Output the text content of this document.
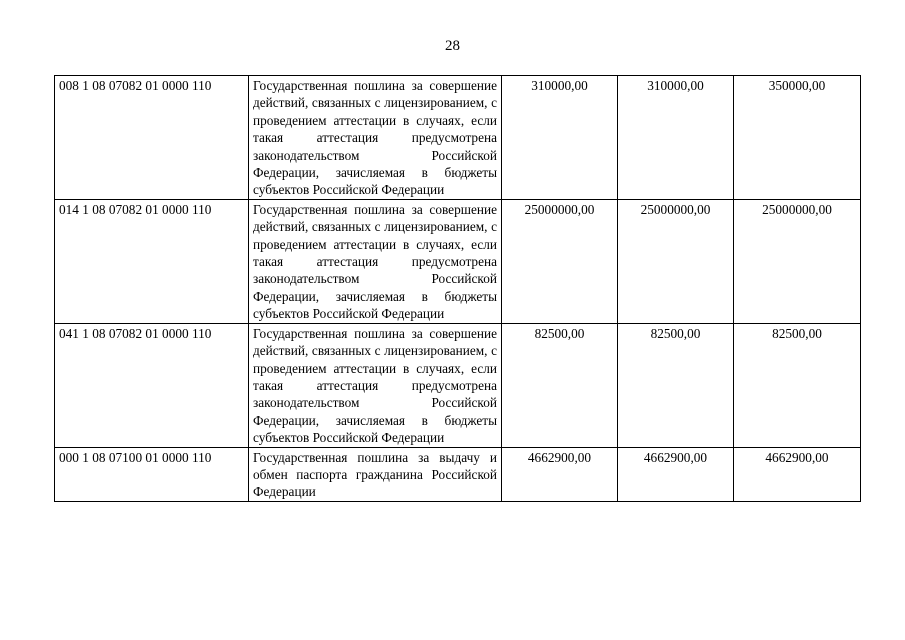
28
008 1 08 07082 01 0000 110	Государственная пошлина за совершение действий, связанных с лицензированием, с проведением аттестации в случаях, если такая аттестация предусмотрена законодательством Российской Федерации, зачисляемая в бюджеты субъектов Российской Федерации	310000,00	310000,00	350000,00
014 1 08 07082 01 0000 110	Государственная пошлина за совершение действий, связанных с лицензированием, с проведением аттестации в случаях, если такая аттестация предусмотрена законодательством Российской Федерации, зачисляемая в бюджеты субъектов Российской Федерации	25000000,00	25000000,00	25000000,00
041 1 08 07082 01 0000 110	Государственная пошлина за совершение действий, связанных с лицензированием, с проведением аттестации в случаях, если такая аттестация предусмотрена законодательством Российской Федерации, зачисляемая в бюджеты субъектов Российской Федерации	82500,00	82500,00	82500,00
000 1 08 07100 01 0000 110	Государственная пошлина за выдачу и обмен паспорта гражданина Российской Федерации	4662900,00	4662900,00	4662900,00
